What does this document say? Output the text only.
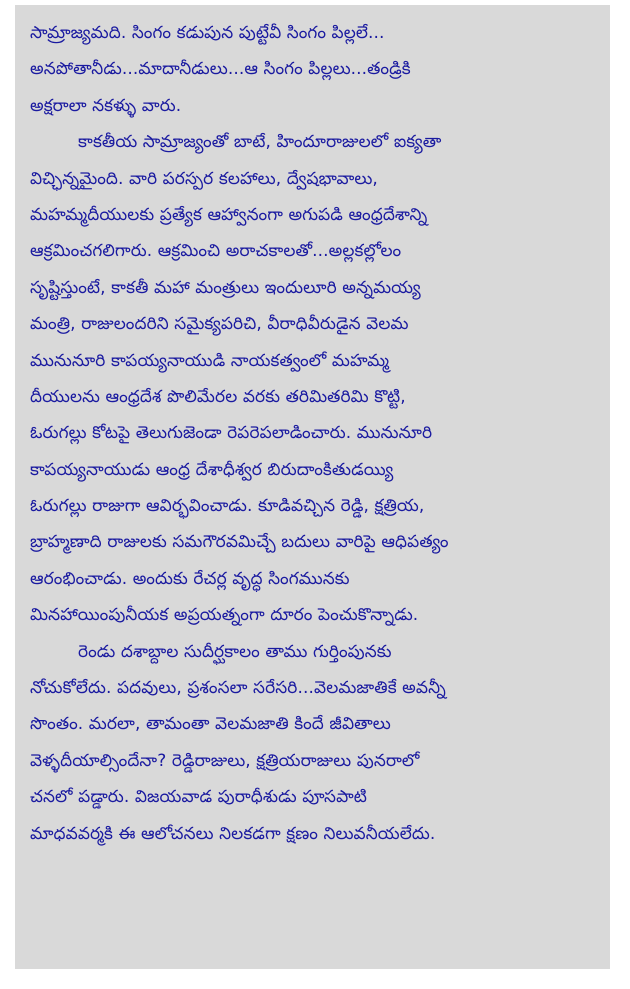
సామ్రాజ్యమది. సింగం కడుపున పుట్టేవీ సింగం పిల్లలే...
అనపోతానీడు...మాదానీడులు...ఆ సింగం పిల్లలు...తండ్రికి
అక్షరాలా నకళ్ళు వారు.
కాకతీయ సామ్రాజ్యంతో బాటే, హిందూరాజులలో ఐక్యతా
విచ్ఛిన్నమైంది. వారి పరస్పర కలహాలు, ద్వేషభావాలు,
మహమ్మదీయులకు ప్రత్యేక ఆహ్వానంగా అగుపడి ఆంధ్రదేశాన్ని
ఆక్రమించగలిగారు. ఆక్రమించి అరాచకాలతో...అల్లకల్లోలం
సృష్టిస్తుంటే, కాకతీ మహా మంత్రులు ఇందులూరి అన్నమయ్య
మంత్రి, రాజులందరిని సమైక్యపరిచి, వీరాధివీరుడైన వెలమ
మునునూరి కాపయ్యనాయుడి నాయకత్వంలో మహమ్మ
దీయులను ఆంధ్రదేశ పొలిమేరల వరకు తరిమితరిమి కొట్టి,
ఓరుగల్లు కోటపై తెలుగుజెండా రెపరెపలాడించారు. మునునూరి
కాపయ్యనాయుడు ఆంధ్ర దేశాధీశ్వర బిరుదాంకితుడయ్యి
ఓరుగల్లు రాజుగా ఆవిర్భవించాడు. కూడివచ్చిన రెడ్డి, క్షత్రియ,
బ్రాహ్మణాది రాజులకు సమగౌరవమిచ్చే బదులు వారిపై ఆధిపత్యం
ఆరంభించాడు. అందుకు రేచర్ల వృద్ధ సింగమునకు
మినహాయింపునీయక అప్రయత్నంగా దూరం పెంచుకొన్నాడు.
రెండు దశాబ్దాల సుదీర్ఘకాలం తాము గుర్తింపునకు
నోచుకోలేదు. పదవులు, ప్రశంసలా సరేసరి...వెలమజాతికే అవన్నీ
సొంతం. మరలా, తామంతా వెలమజాతి కిందే జీవితాలు
వెళ్ళదీయాల్సిందేనా? రెడ్డిరాజులు, క్షత్రియరాజులు పునరాలో
చనలో పడ్డారు. విజయవాడ పురాధీశుడు పూసపాటి
మాధవవర్మకి ఈ ఆలోచనలు నిలకడగా క్షణం నిలువనీయలేదు.
